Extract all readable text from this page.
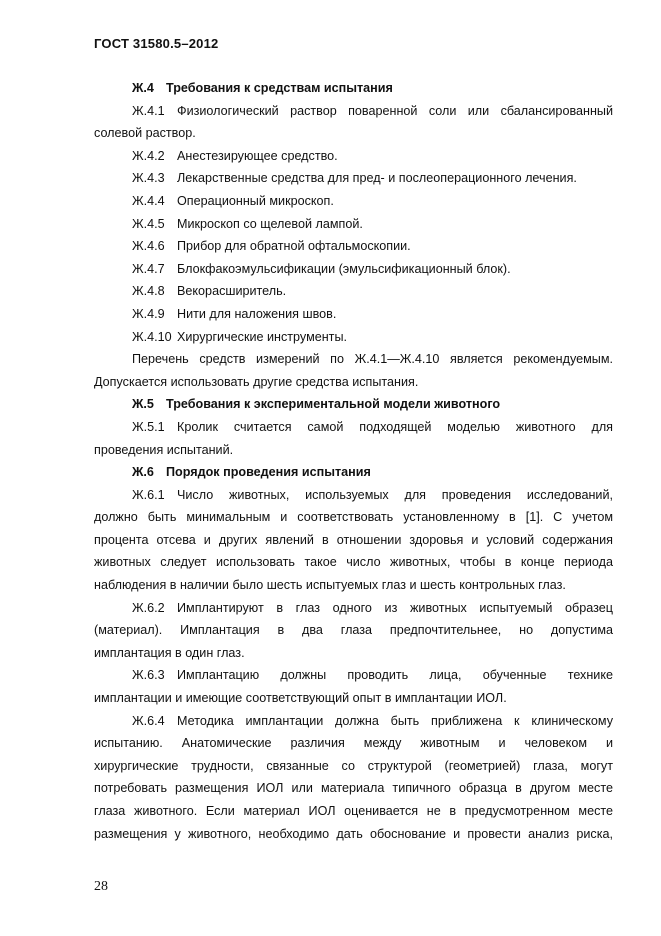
ГОСТ 31580.5–2012
Ж.4 Требования к средствам испытания
Ж.4.1 Физиологический раствор поваренной соли или сбалансированный
солевой раствор.
Ж.4.2 Анестезирующее средство.
Ж.4.3 Лекарственные средства для пред- и послеоперационного лечения.
Ж.4.4 Операционный микроскоп.
Ж.4.5 Микроскоп со щелевой лампой.
Ж.4.6 Прибор для обратной офтальмоскопии.
Ж.4.7 Блокфакоэмульсификации (эмульсификационный блок).
Ж.4.8 Векорасширитель.
Ж.4.9 Нити для наложения швов.
Ж.4.10 Хирургические инструменты.
Перечень средств измерений по Ж.4.1—Ж.4.10 является рекомендуемым.
Допускается использовать другие средства испытания.
Ж.5 Требования к экспериментальной модели животного
Ж.5.1 Кролик считается самой подходящей моделью животного для
проведения испытаний.
Ж.6 Порядок проведения испытания
Ж.6.1 Число животных, используемых для проведения исследований,
должно быть минимальным и соответствовать установленному в [1]. С учетом
процента отсева и других явлений в отношении здоровья и условий содержания
животных следует использовать такое число животных, чтобы в конце периода
наблюдения в наличии было шесть испытуемых глаз и шесть контрольных глаз.
Ж.6.2 Имплантируют в глаз одного из животных испытуемый образец
(материал). Имплантация в два глаза предпочтительнее, но допустима
имплантация в один глаз.
Ж.6.3 Имплантацию должны проводить лица, обученные технике
имплантации и имеющие соответствующий опыт в имплантации ИОЛ.
Ж.6.4 Методика имплантации должна быть приближена к клиническому
испытанию. Анатомические различия между животным и человеком и
хирургические трудности, связанные со структурой (геометрией) глаза, могут
потребовать размещения ИОЛ или материала типичного образца в другом месте
глаза животного. Если материал ИОЛ оценивается не в предусмотренном месте
размещения у животного, необходимо дать обоснование и провести анализ риска,
28
